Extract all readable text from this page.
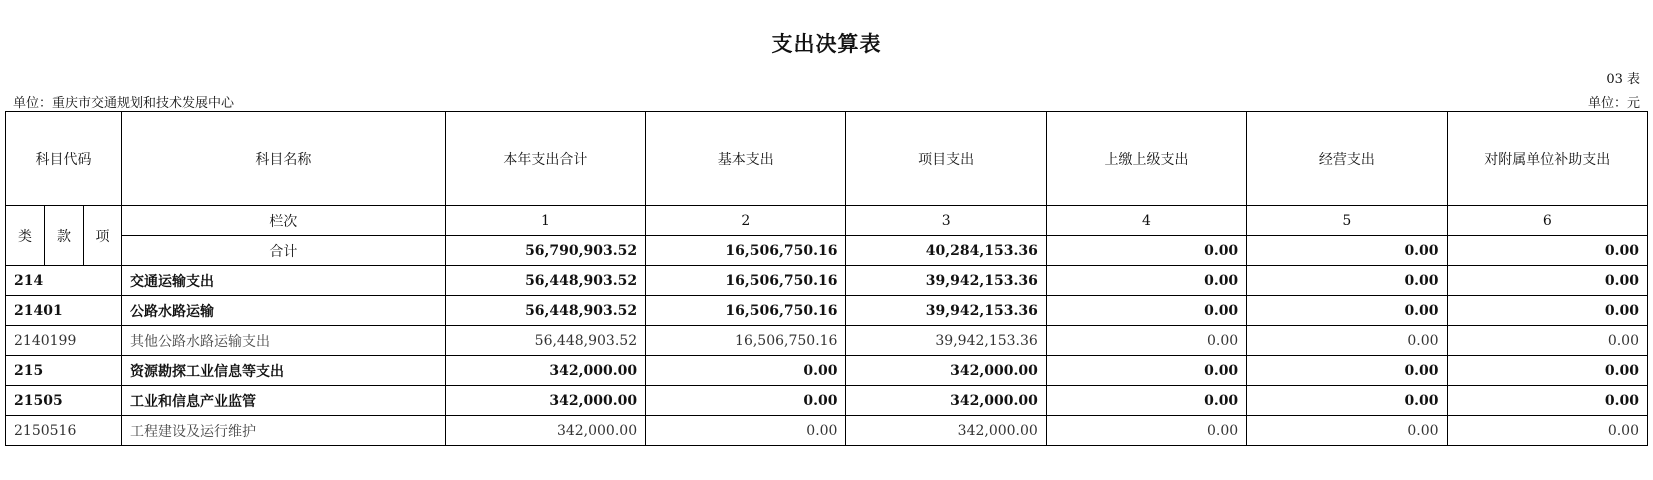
支出决算表
03 表
单位：重庆市交通规划和技术发展中心	单位：元
科目代码			科目名称	本年支出合计	基本支出	项目支出	上缴上级支出	经营支出	对附属单位补助支出
类	款	项	栏次	1	2	3	4	5	6
			合计	56,790,903.52	16,506,750.16	40,284,153.36	0.00	0.00	0.00
214			交通运输支出	56,448,903.52	16,506,750.16	39,942,153.36	0.00	0.00	0.00
21401			公路水路运输	56,448,903.52	16,506,750.16	39,942,153.36	0.00	0.00	0.00
2140199			其他公路水路运输支出	56,448,903.52	16,506,750.16	39,942,153.36	0.00	0.00	0.00
215			资源勘探工业信息等支出	342,000.00	0.00	342,000.00	0.00	0.00	0.00
21505			工业和信息产业监管	342,000.00	0.00	342,000.00	0.00	0.00	0.00
2150516			工程建设及运行维护	342,000.00	0.00	342,000.00	0.00	0.00	0.00
